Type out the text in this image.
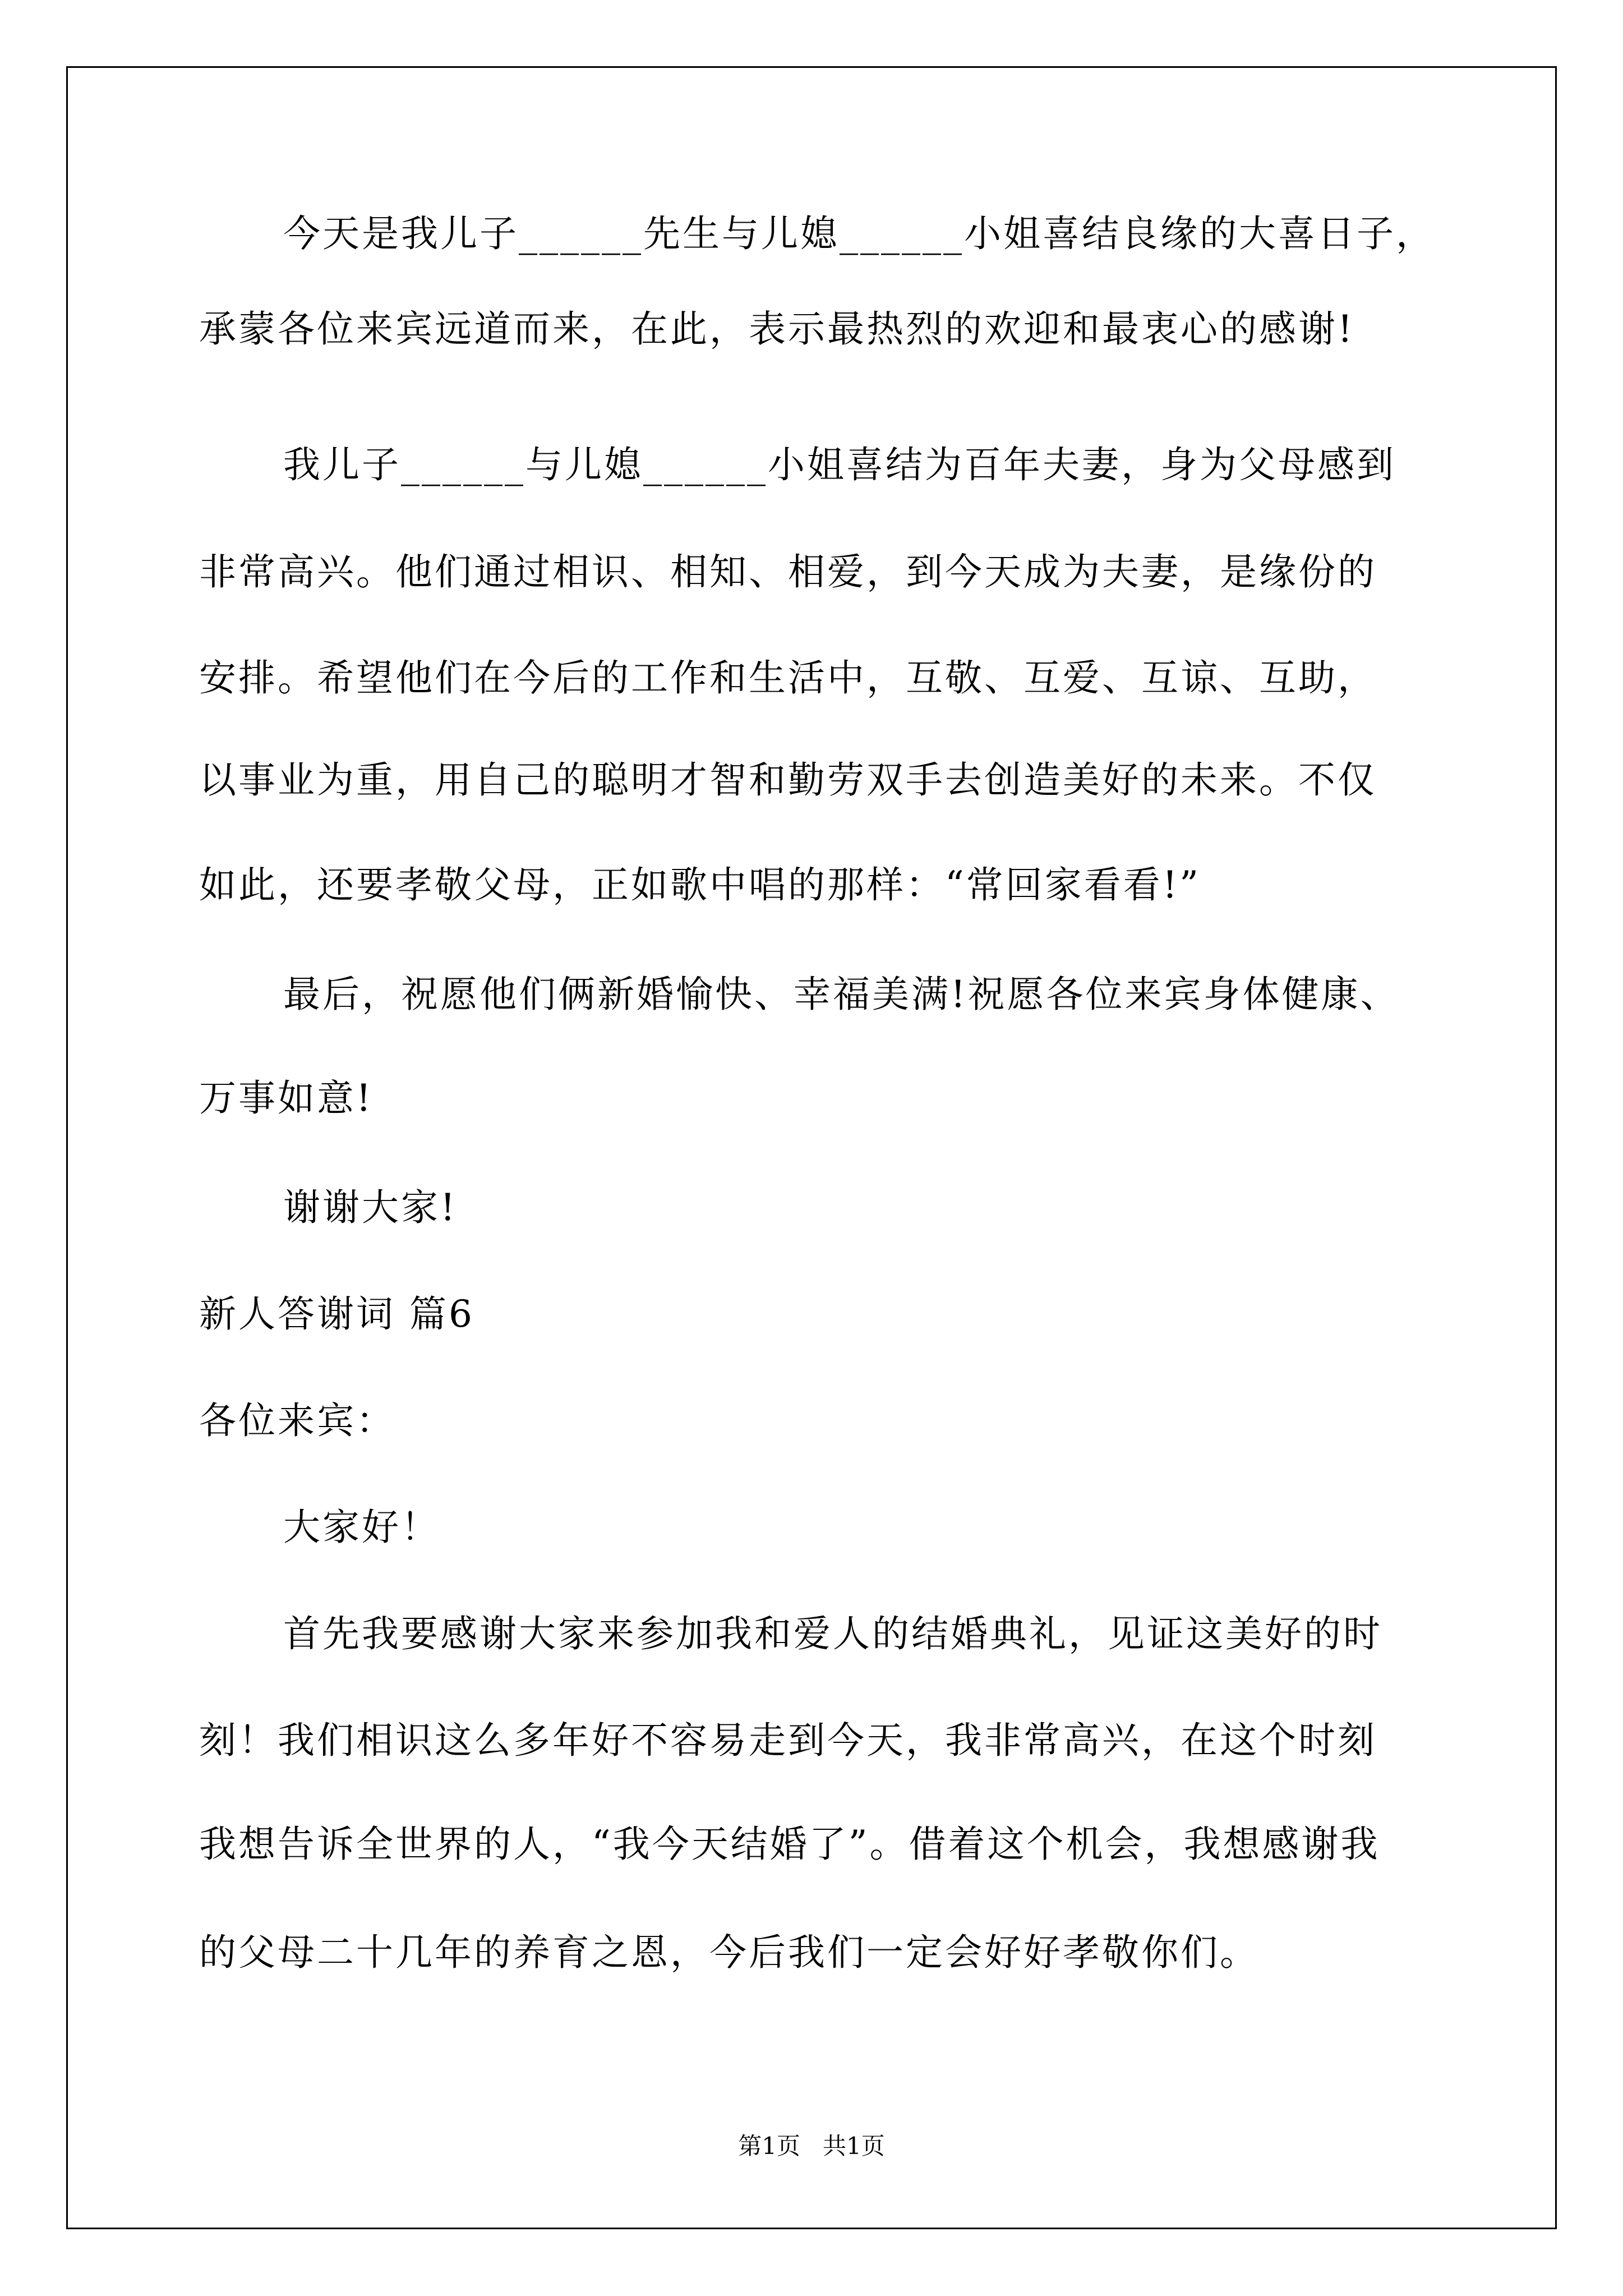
今天是我儿子______先生与儿媳______小姐喜结良缘的大喜日子，
承蒙各位来宾远道而来，在此，表示最热烈的欢迎和最衷心的感谢!
我儿子______与儿媳______小姐喜结为百年夫妻，身为父母感到
非常高兴。他们通过相识、相知、相爱，到今天成为夫妻，是缘份的
安排。希望他们在今后的工作和生活中，互敬、互爱、互谅、互助，
以事业为重，用自己的聪明才智和勤劳双手去创造美好的未来。不仅
如此，还要孝敬父母，正如歌中唱的那样：“常回家看看!”
最后，祝愿他们俩新婚愉快、幸福美满!祝愿各位来宾身体健康、
万事如意!
谢谢大家!
新人答谢词 篇6
各位来宾：
大家好！
首先我要感谢大家来参加我和爱人的结婚典礼，见证这美好的时
刻！我们相识这么多年好不容易走到今天，我非常高兴，在这个时刻
我想告诉全世界的人，“我今天结婚了”。借着这个机会，我想感谢我
的父母二十几年的养育之恩，今后我们一定会好好孝敬你们。
第1页   共1页
